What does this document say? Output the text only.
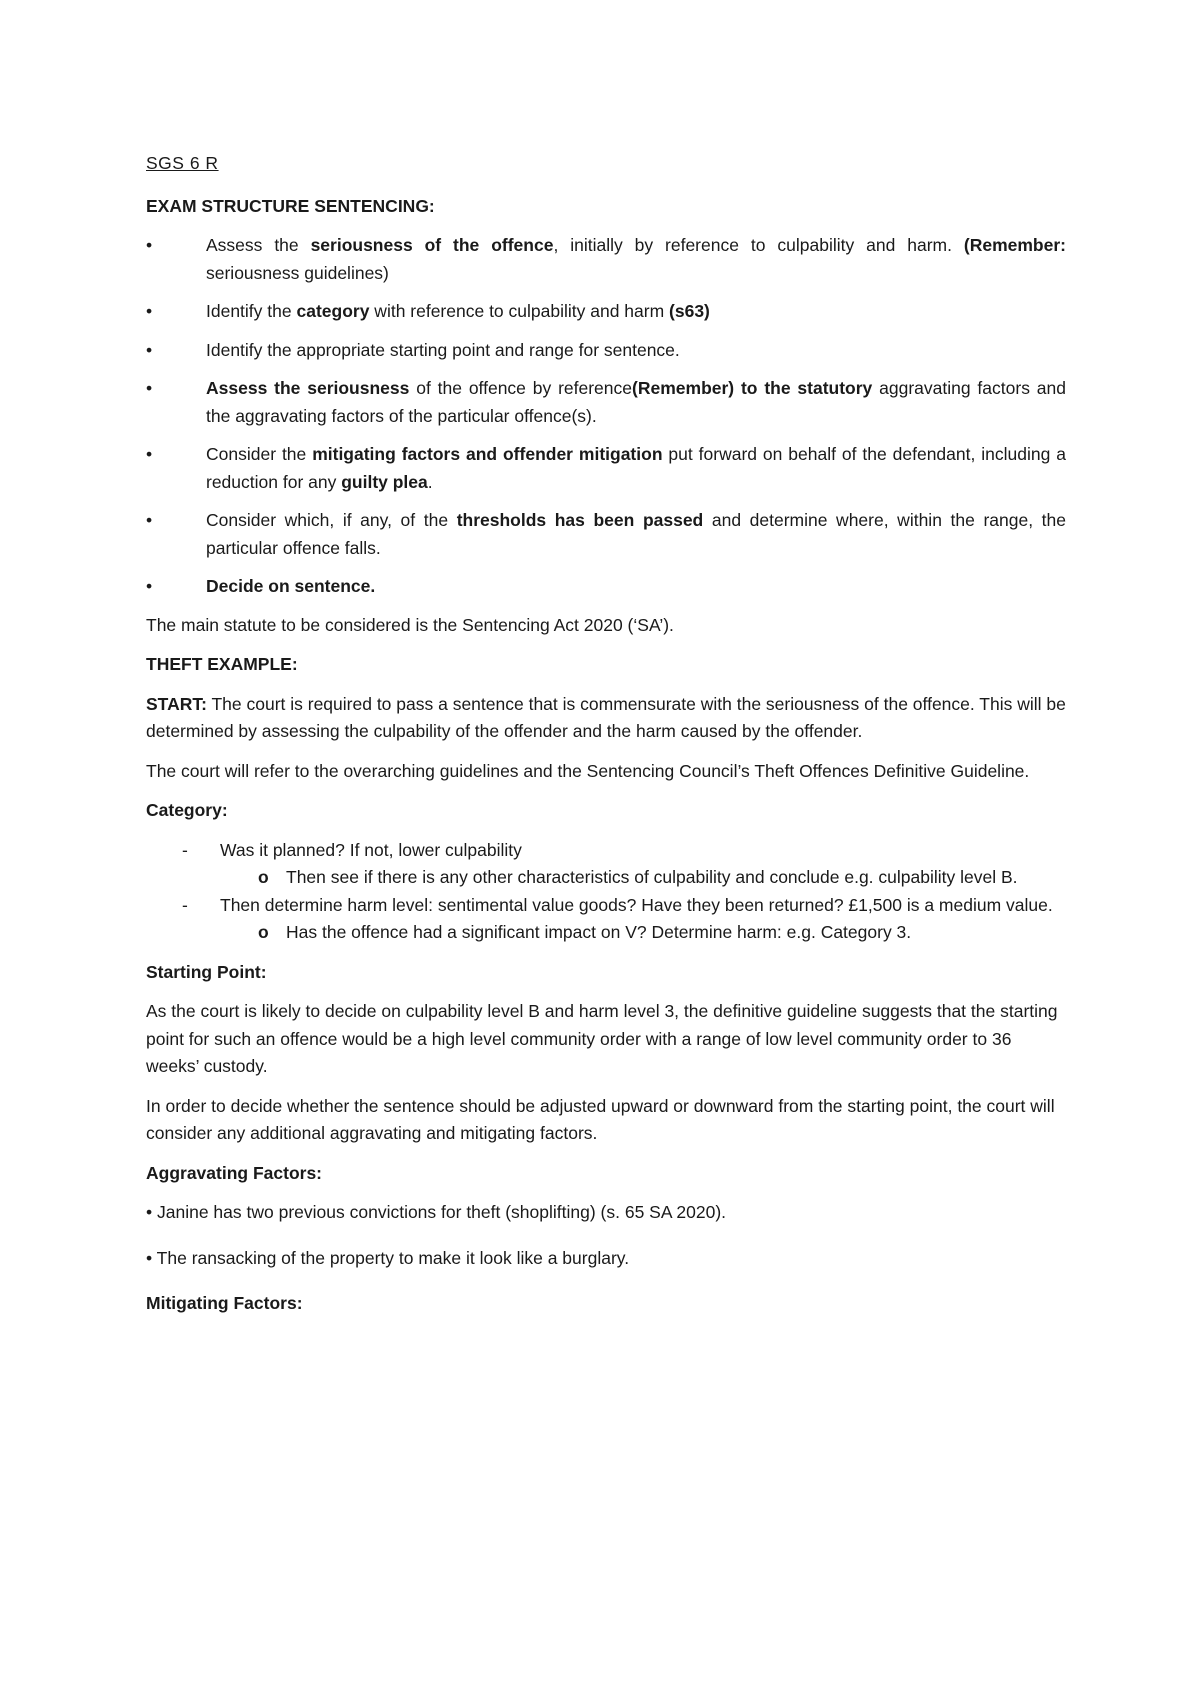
SGS 6 R
EXAM STRUCTURE SENTENCING:
•	Assess the seriousness of the offence, initially by reference to culpability and harm. (Remember: seriousness guidelines)
•	Identify the category with reference to culpability and harm (s63)
•	Identify the appropriate starting point and range for sentence.
•	Assess the seriousness of the offence by reference(Remember) to the statutory aggravating factors and the aggravating factors of the particular offence(s).
•	Consider the mitigating factors and offender mitigation put forward on behalf of the defendant, including a reduction for any guilty plea.
•	Consider which, if any, of the thresholds has been passed and determine where, within the range, the particular offence falls.
•	Decide on sentence.

The main statute to be considered is the Sentencing Act 2020 (‘SA’).

THEFT EXAMPLE:

START: The court is required to pass a sentence that is commensurate with the seriousness of the offence. This will be determined by assessing the culpability of the offender and the harm caused by the offender.

The court will refer to the overarching guidelines and the Sentencing Council’s Theft Offences Definitive Guideline.

Category:
- Was it planned? If not, lower culpability
o Then see if there is any other characteristics of culpability and conclude e.g. culpability level B.
- Then determine harm level: sentimental value goods? Have they been returned? £1,500 is a medium value.
o Has the offence had a significant impact on V? Determine harm: e.g. Category 3.
Starting Point:

As the court is likely to decide on culpability level B and harm level 3, the definitive guideline suggests that the starting point for such an offence would be a high level community order with a range of low level community order to 36 weeks’ custody.

In order to decide whether the sentence should be adjusted upward or downward from the starting point, the court will consider any additional aggravating and mitigating factors.

Aggravating Factors:
• Janine has two previous convictions for theft (shoplifting) (s. 65 SA 2020).
• The ransacking of the property to make it look like a burglary.
Mitigating Factors:
